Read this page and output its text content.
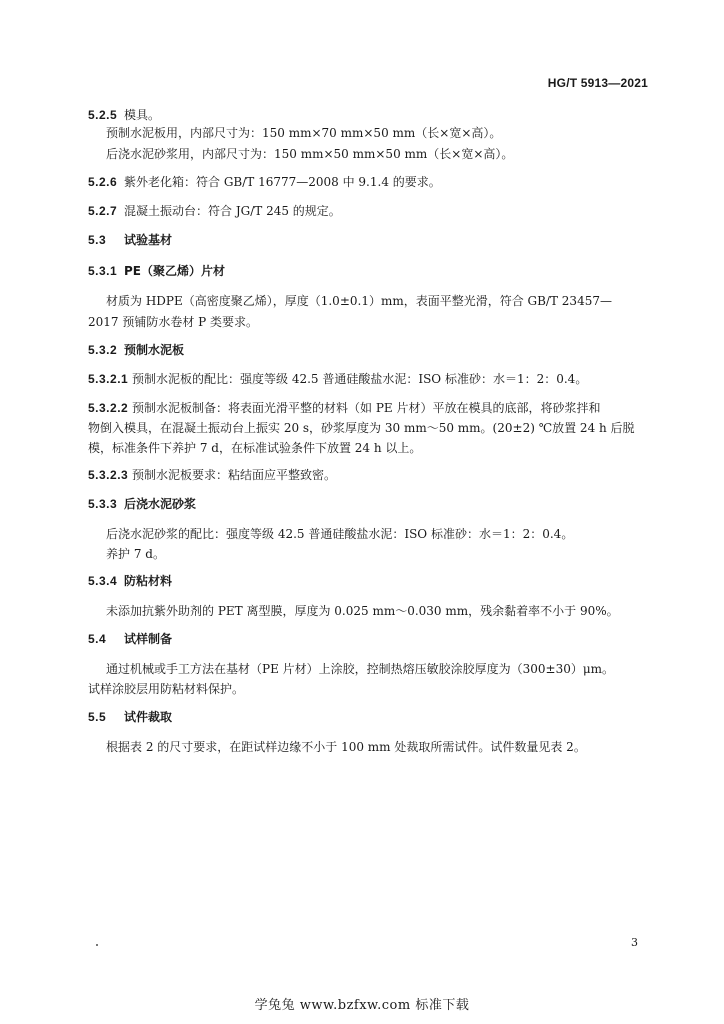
HG/T 5913—2021
5.2.5 模具。
预制水泥板用，内部尺寸为：150 mm×70 mm×50 mm（长×宽×高）。
后浇水泥砂浆用，内部尺寸为：150 mm×50 mm×50 mm（长×宽×高）。
5.2.6 紫外老化箱：符合 GB/T 16777—2008 中 9.1.4 的要求。
5.2.7 混凝土振动台：符合 JG/T 245 的规定。
5.3 试验基材
5.3.1 PE（聚乙烯）片材
材质为 HDPE（高密度聚乙烯），厚度（1.0±0.1）mm，表面平整光滑，符合 GB/T 23457—
2017 预铺防水卷材 P 类要求。
5.3.2 预制水泥板
5.3.2.1 预制水泥板的配比：强度等级 42.5 普通硅酸盐水泥：ISO 标准砂：水＝1：2：0.4。
5.3.2.2 预制水泥板制备：将表面光滑平整的材料（如 PE 片材）平放在模具的底部，将砂浆拌和
物倒入模具，在混凝土振动台上振实 20 s，砂浆厚度为 30 mm～50 mm。(20±2) ℃放置 24 h 后脱
模，标准条件下养护 7 d，在标准试验条件下放置 24 h 以上。
5.3.2.3 预制水泥板要求：粘结面应平整致密。
5.3.3 后浇水泥砂浆
后浇水泥砂浆的配比：强度等级 42.5 普通硅酸盐水泥：ISO 标准砂：水＝1：2：0.4。
养护 7 d。
5.3.4 防粘材料
未添加抗紫外助剂的 PET 离型膜，厚度为 0.025 mm～0.030 mm，残余黏着率不小于 90%。
5.4 试样制备
通过机械或手工方法在基材（PE 片材）上涂胶，控制热熔压敏胶涂胶厚度为（300±30）μm。
试样涂胶层用防粘材料保护。
5.5 试件裁取
根据表 2 的尺寸要求，在距试样边缘不小于 100 mm 处裁取所需试件。试件数量见表 2。
3
学兔兔 www.bzfxw.com 标准下载
